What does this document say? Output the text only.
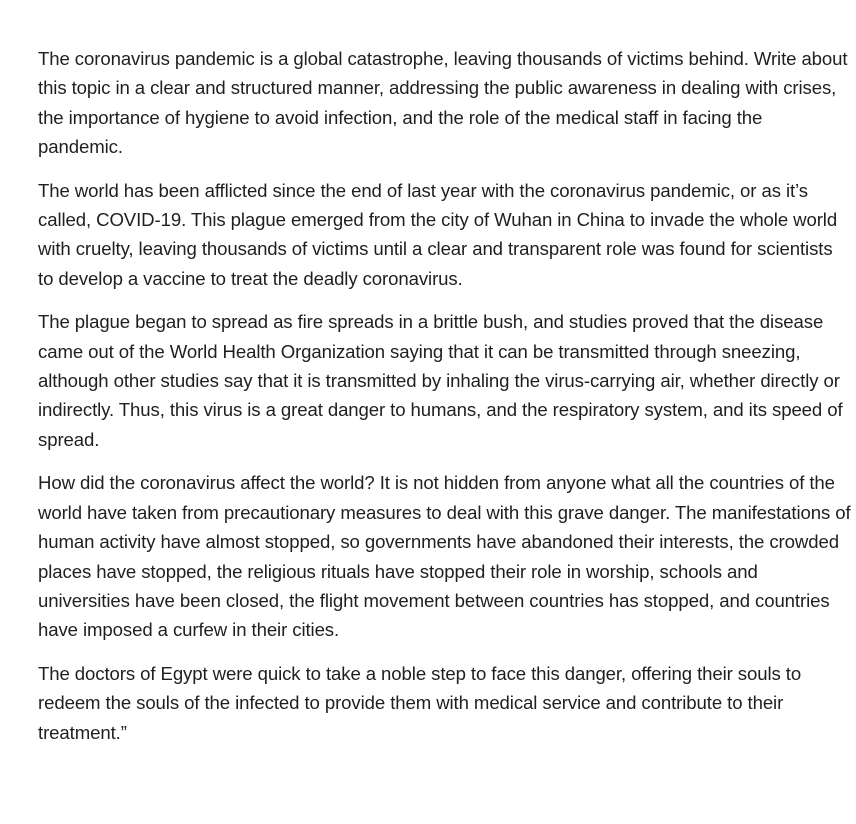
The coronavirus pandemic is a global catastrophe, leaving thousands of victims behind. Write about this topic in a clear and structured manner, addressing the public awareness in dealing with crises, the importance of hygiene to avoid infection, and the role of the medical staff in facing the pandemic.

The world has been afflicted since the end of last year with the coronavirus pandemic, or as it’s called, COVID-19. This plague emerged from the city of Wuhan in China to invade the whole world with cruelty, leaving thousands of victims until a clear and transparent role was found for scientists to develop a vaccine to treat the deadly coronavirus.

The plague began to spread as fire spreads in a brittle bush, and studies proved that the disease came out of the World Health Organization saying that it can be transmitted through sneezing, although other studies say that it is transmitted by inhaling the virus-carrying air, whether directly or indirectly. Thus, this virus is a great danger to humans, and the respiratory system, and its speed of spread.

How did the coronavirus affect the world? It is not hidden from anyone what all the countries of the world have taken from precautionary measures to deal with this grave danger. The manifestations of human activity have almost stopped, so governments have abandoned their interests, the crowded places have stopped, the religious rituals have stopped their role in worship, schools and universities have been closed, the flight movement between countries has stopped, and countries have imposed a curfew in their cities.

The doctors of Egypt were quick to take a noble step to face this danger, offering their souls to redeem the souls of the infected to provide them with medical service and contribute to their treatment.”
